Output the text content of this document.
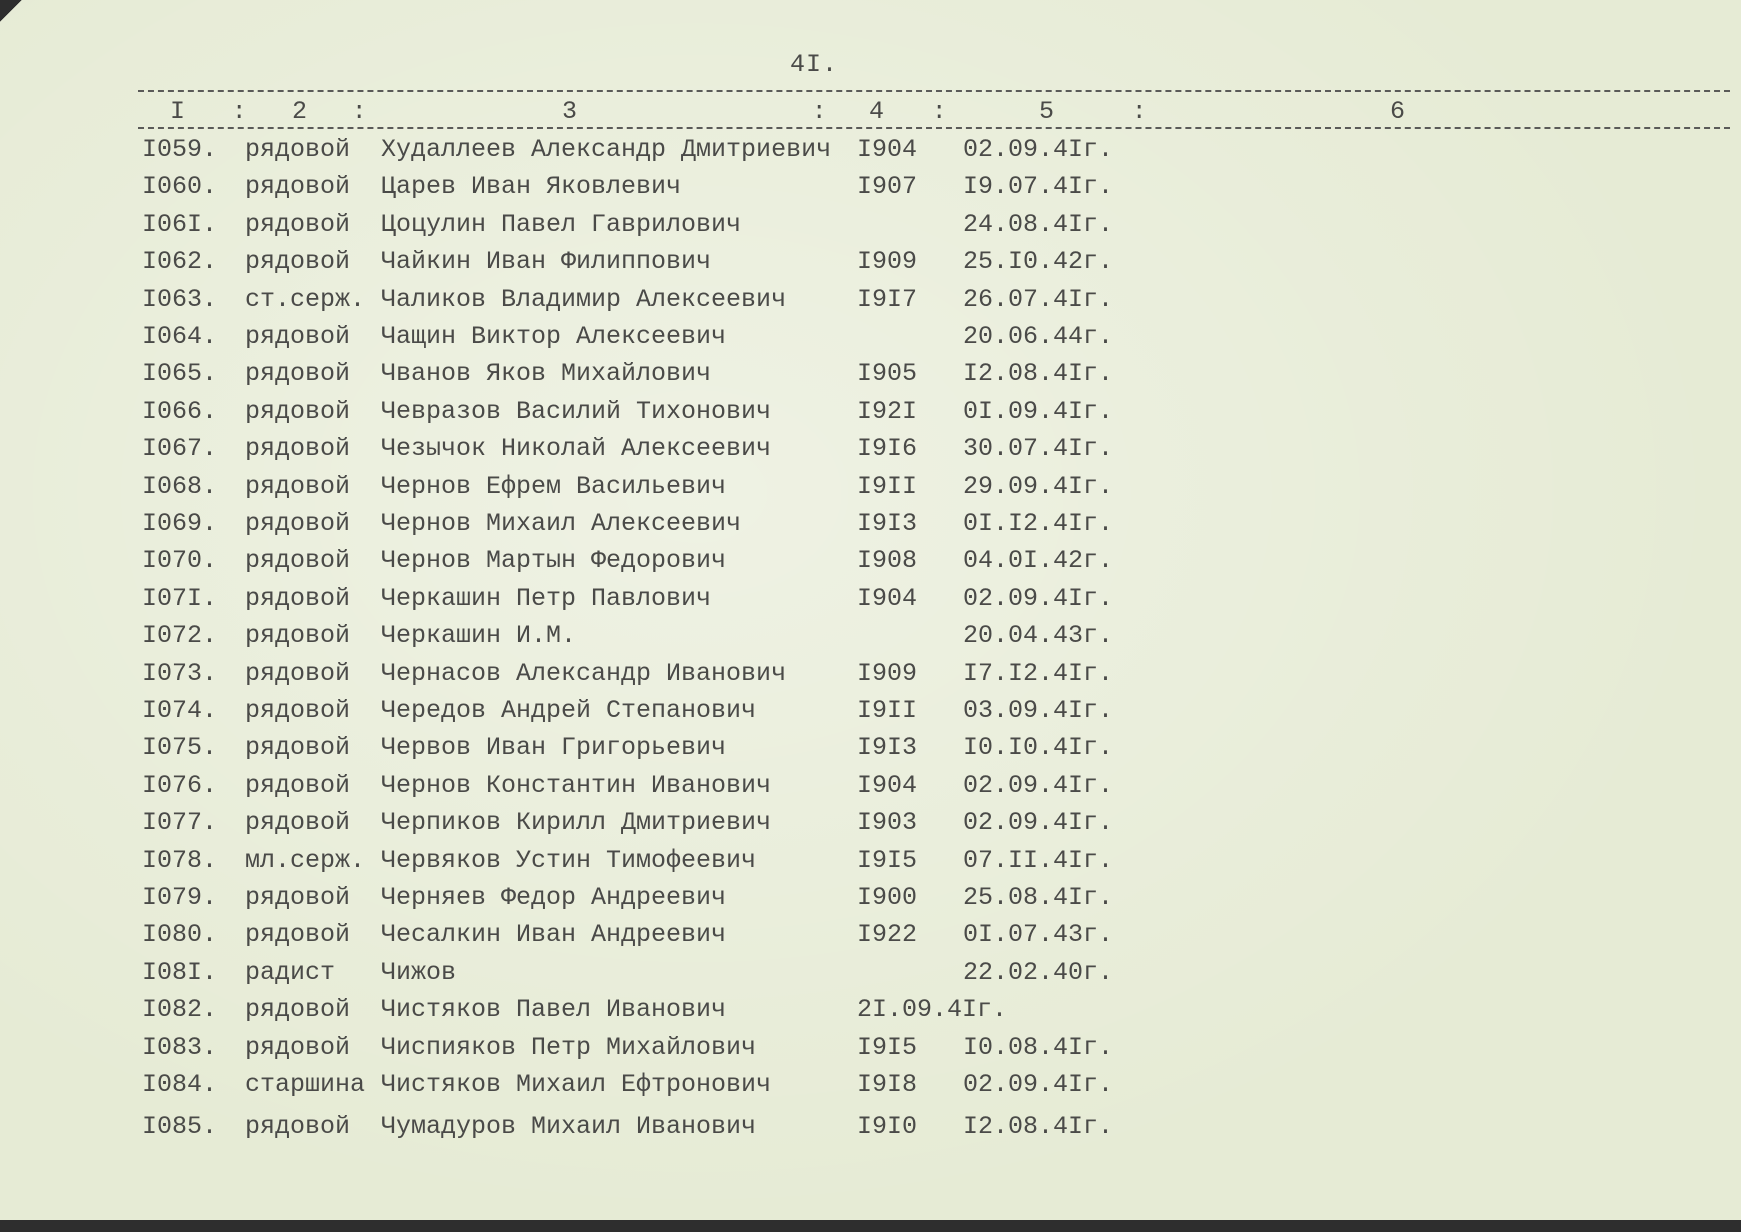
4I.
I : 2 :	3	: 4 :	5	:	6
I059. рядовой Худаллеев Александр Дмитриевич I904 02.09.4Iг.
I060. рядовой Царев Иван Яковлевич	I907 I9.07.4Iг.
I06I. рядовой Цоцулин Павел Гаврилович	24.08.4Iг.
I062. рядовой Чайкин Иван Филиппович	I909 25.I0.42г.
I063. ст.серж. Чаликов Владимир Алексеевич	I9I7 26.07.4Iг.
I064. рядовой Чащин Виктор Алексеевич	20.06.44г.
I065. рядовой Чванов Яков Михайлович	I905 I2.08.4Iг.
I066. рядовой Чевразов Василий Тихонович	I92I 0I.09.4Iг.
I067. рядовой Чезычок Николай Алексеевич	I9I6 30.07.4Iг.
I068. рядовой Чернов Ефрем Васильевич	I9II 29.09.4Iг.
I069. рядовой Чернов Михаил Алексеевич	I9I3 0I.I2.4Iг.
I070. рядовой Чернов Мартын Федорович	I908 04.0I.42г.
I07I. рядовой Черкашин Петр Павлович	I904 02.09.4Iг.
I072. рядовой Черкашин И.М.	20.04.43г.
I073. рядовой Чернасов Александр Иванович	I909 I7.I2.4Iг.
I074. рядовой Чередов Андрей Степанович	I9II 03.09.4Iг.
I075. рядовой Червов Иван Григорьевич	I9I3 I0.I0.4Iг.
I076. рядовой Чернов Константин Иванович	I904 02.09.4Iг.
I077. рядовой Черпиков Кирилл Дмитриевич	I903 02.09.4Iг.
I078. мл.серж. Червяков Устин Тимофеевич	I9I5 07.II.4Iг.
I079. рядовой Черняев Федор Андреевич	I900 25.08.4Iг.
I080. рядовой Чесалкин Иван Андреевич	I922 0I.07.43г.
I08I. радист Чижов	22.02.40г.
I082. рядовой Чистяков Павел Иванович	2I.09.4Iг.
I083. рядовой Чиспияков Петр Михайлович	I9I5 I0.08.4Iг.
I084. старшина Чистяков Михаил Ефтронович	I9I8 02.09.4Iг.
I085. рядовой Чумадуров Михаил Иванович	I9I0 I2.08.4Iг.
